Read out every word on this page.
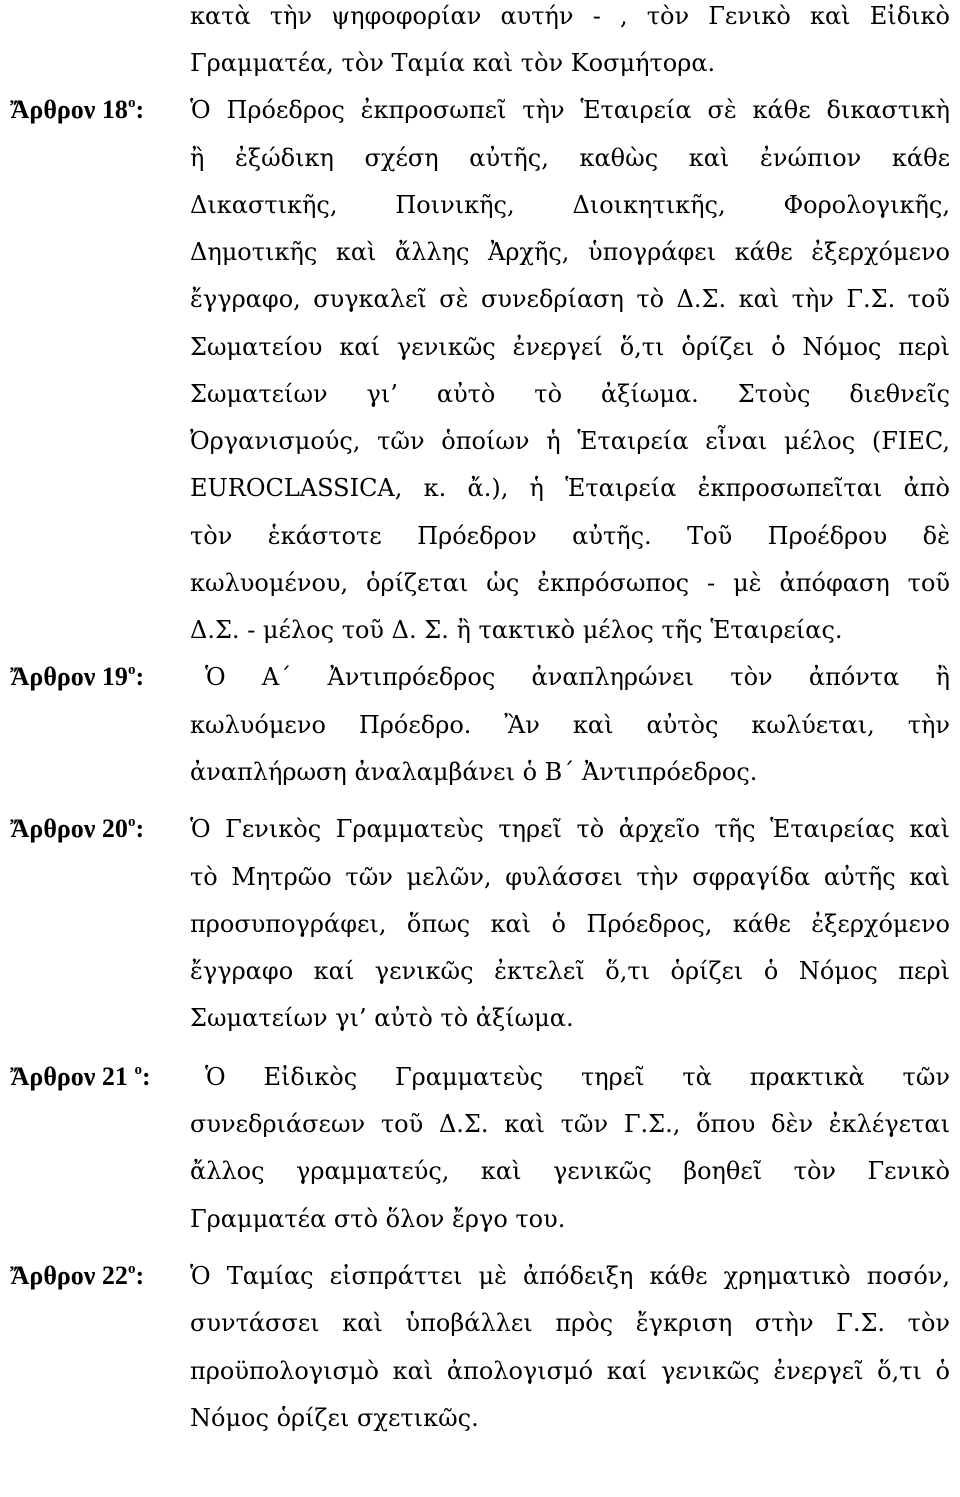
κατὰ τὴν ψηφοφορίαν αυτήν - , τὸν Γενικὸ καὶ Εἰδικὸ
Γραμματέα, τὸν Ταμία καὶ τὸν Κοσμήτορα.
Ἄρθρον $18^o$: Ὁ Πρόεδρος ἐκπροσωπεῖ τὴν Ἑταιρεία σὲ κάθε δικαστικὴ
ἢ ἐξώδικη σχέση αὐτῆς, καθὼς καὶ ἐνώπιον κάθε
Δικαστικῆς, Ποινικῆς, Διοικητικῆς, Φορολογικῆς,
Δημοτικῆς καὶ ἄλλης Ἀρχῆς, ὑπογράφει κάθε ἐξερχόμενο
ἔγγραφο, συγκαλεῖ σὲ συνεδρίαση τὸ Δ.Σ. καὶ τὴν Γ.Σ. τοῦ
Σωματείου καί γενικῶς ἐνεργεί ὅ,τι ὁρίζει ὁ Νόμος περὶ
Σωματείων γι’ αὐτὸ τὸ ἀξίωμα. Στοὺς διεθνεῖς
Ὀργανισμούς, τῶν ὁποίων ἡ Ἑταιρεία εἶναι μέλος (FIEC,
EUROCLASSICA, κ. ἄ.), ἡ Ἑταιρεία ἐκπροσωπεῖται ἀπὸ
τὸν ἑκάστοτε Πρόεδρον αὐτῆς. Τοῦ Προέδρου δὲ
κωλυομένου, ὁρίζεται ὡς ἐκπρόσωπος - μὲ ἀπόφαση τοῦ
Δ.Σ. - μέλος τοῦ Δ. Σ. ἢ τακτικὸ μέλος τῆς Ἑταιρείας.
Ἄρθρον $19^o$:	Ὁ Α΄ Ἀντιπρόεδρος ἀναπληρώνει τὸν ἀπόντα ἢ
κωλυόμενο Πρόεδρο. Ἂν καὶ αὐτὸς κωλύεται, τὴν
ἀναπλήρωση ἀναλαμβάνει ὁ Β΄ Ἀντιπρόεδρος.
Ἄρθρον $20^o$: Ὁ Γενικὸς Γραμματεὺς τηρεῖ τὸ ἀρχεῖο τῆς Ἑταιρείας καὶ
τὸ Μητρῶο τῶν μελῶν, φυλάσσει τὴν σφραγίδα αὐτῆς καὶ
προσυπογράφει, ὅπως καὶ ὁ Πρόεδρος, κάθε ἐξερχόμενο
ἔγγραφο καί γενικῶς ἐκτελεῖ ὅ,τι ὁρίζει ὁ Νόμος περὶ
Σωματείων γι’ αὐτὸ τὸ ἀξίωμα.
Ἄρθρον 21 $^o$: Ὁ Εἰδικὸς Γραμματεὺς τηρεῖ τὰ πρακτικὰ τῶν
συνεδριάσεων τοῦ Δ.Σ. καὶ τῶν Γ.Σ., ὅπου δὲν ἐκλέγεται
ἄλλος γραμματεύς, καὶ γενικῶς βοηθεῖ τὸν Γενικὸ
Γραμματέα στὸ ὅλον ἔργο του.
Ἄρθρον $22^o$: Ὁ Ταμίας εἰσπράττει μὲ ἀπόδειξη κάθε χρηματικὸ ποσόν,
συντάσσει καὶ ὑποβάλλει πρὸς ἔγκριση στὴν Γ.Σ. τὸν
προϋπολογισμὸ καὶ ἀπολογισμό καί γενικῶς ἐνεργεῖ ὅ,τι ὁ
Νόμος ὁρίζει σχετικῶς.
